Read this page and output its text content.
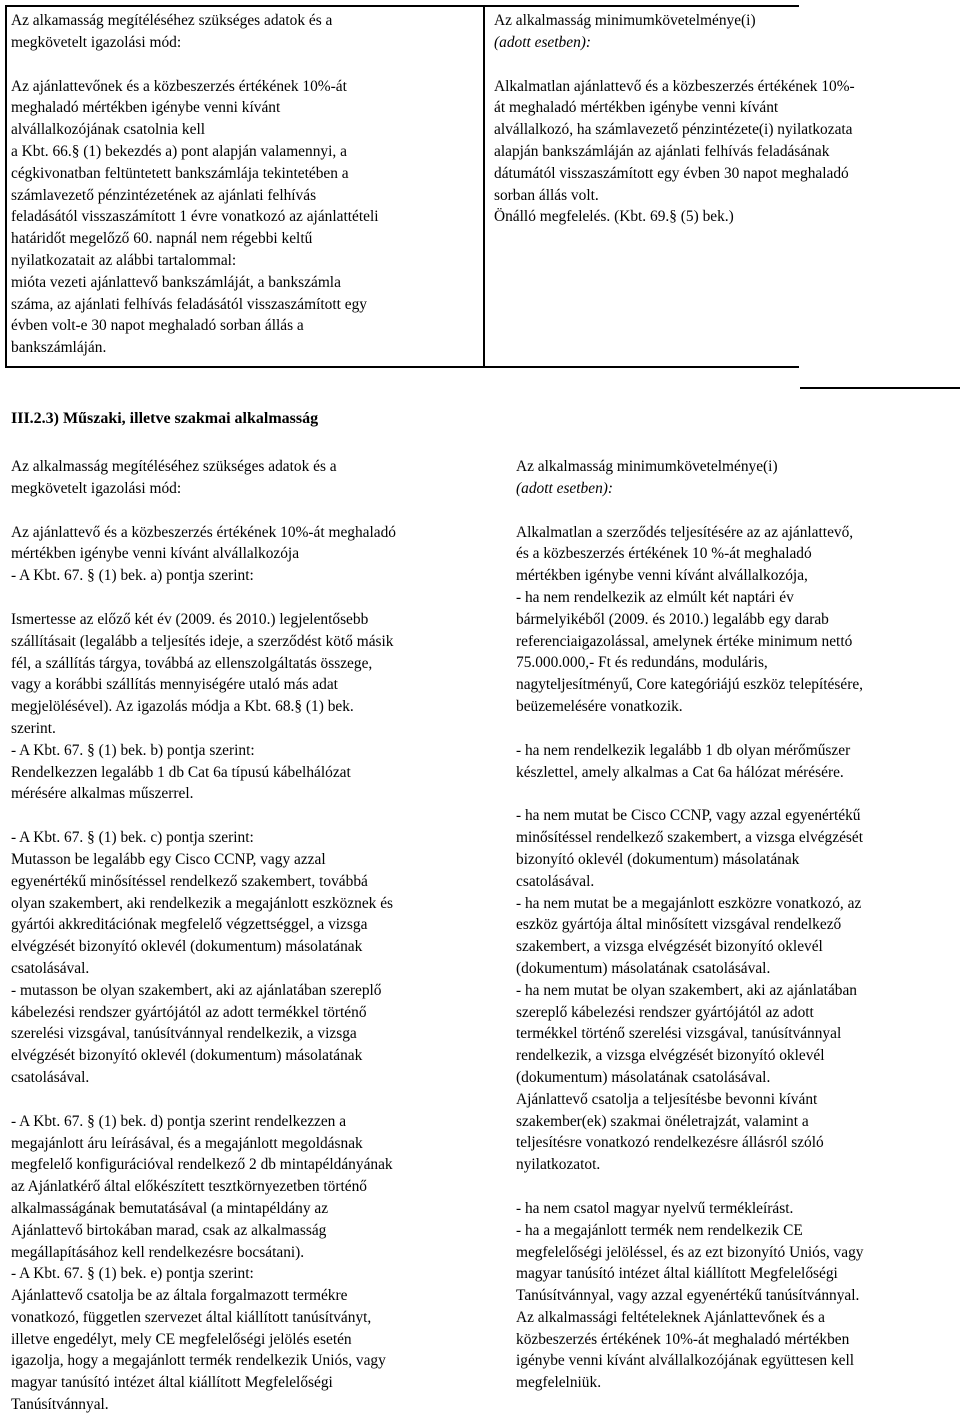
Az alkamasság megítéléséhez szükséges adatok és a

megkövetelt igazolási mód:

Az ajánlattevőnek és a közbeszerzés értékének 10%-át

meghaladó mértékben igénybe venni kívánt

alvállalkozójának csatolnia kell

a Kbt. 66.§ (1) bekezdés a) pont alapján valamennyi, a

cégkivonatban feltüntetett bankszámlája tekintetében a

számlavezető pénzintézetének az ajánlati felhívás

feladásától visszaszámított 1 évre vonatkozó az ajánlattételi

határidőt megelőző 60. napnál nem régebbi keltű

nyilatkozatait az alábbi tartalommal:

mióta vezeti ajánlattevő bankszámláját, a bankszámla

száma, az ajánlati felhívás feladásától visszaszámított egy

évben volt-e 30 napot meghaladó sorban állás a

bankszámláján.

Az alkalmasság minimumkövetelménye(i)

(adott esetben):

Alkalmatlan ajánlattevő és a közbeszerzés értékének 10%-

át meghaladó mértékben igénybe venni kívánt

alvállalkozó, ha számlavezető pénzintézete(i) nyilatkozata

alapján bankszámláján az ajánlati felhívás feladásának

dátumától visszaszámított egy évben 30 napot meghaladó

sorban állás volt.

Önálló megfelelés. (Kbt. 69.§ (5) bek.)

III.2.3) Műszaki, illetve szakmai alkalmasság

Az alkalmasság megítéléséhez szükséges adatok és a

megkövetelt igazolási mód:

Az ajánlattevő és a közbeszerzés értékének 10%-át meghaladó

mértékben igénybe venni kívánt alvállalkozója

- A Kbt. 67. § (1) bek. a) pontja szerint:

Ismertesse az előző két év (2009. és 2010.) legjelentősebb

szállításait (legalább a teljesítés ideje, a szerződést kötő másik

fél, a szállítás tárgya, továbbá az ellenszolgáltatás összege,

vagy a korábbi szállítás mennyiségére utaló más adat

megjelölésével). Az igazolás módja a Kbt. 68.§ (1) bek.

szerint.

- A Kbt. 67. § (1) bek. b) pontja szerint:

Rendelkezzen legalább 1 db Cat 6a típusú kábelhálózat

mérésére alkalmas műszerrel.

- A Kbt. 67. § (1) bek. c) pontja szerint:

Mutasson be legalább egy Cisco CCNP, vagy azzal

egyenértékű minősítéssel rendelkező szakembert, továbbá

olyan szakembert, aki rendelkezik a megajánlott eszköznek és

gyártói akkreditációnak megfelelő végzettséggel, a vizsga

elvégzését bizonyító oklevél (dokumentum) másolatának

csatolásával.

- mutasson be olyan szakembert, aki az ajánlatában szereplő

kábelezési rendszer gyártójától az adott termékkel történő

szerelési vizsgával, tanúsítvánnyal rendelkezik, a vizsga

elvégzését bizonyító oklevél (dokumentum) másolatának

csatolásával.

- A Kbt. 67. § (1) bek. d) pontja szerint rendelkezzen a

megajánlott áru leírásával, és a megajánlott megoldásnak

megfelelő konfigurációval rendelkező 2 db mintapéldányának

az Ajánlatkérő által előkészített tesztkörnyezetben történő

alkalmasságának bemutatásával (a mintapéldány az

Ajánlattevő birtokában marad, csak az alkalmasság

megállapításához kell rendelkezésre bocsátani).

- A Kbt. 67. § (1) bek. e) pontja szerint:

Ajánlattevő csatolja be az általa forgalmazott termékre

vonatkozó, független szervezet által kiállított tanúsítványt,

illetve engedélyt, mely CE megfelelőségi jelölés esetén

igazolja, hogy a megajánlott termék rendelkezik Uniós, vagy

magyar tanúsító intézet által kiállított Megfelelőségi

Tanúsítvánnyal.

Az alkalmasság minimumkövetelménye(i)

(adott esetben):

Alkalmatlan a szerződés teljesítésére az az ajánlattevő,

és a közbeszerzés értékének 10 %-át meghaladó

mértékben igénybe venni kívánt alvállalkozója,

- ha nem rendelkezik az elmúlt két naptári év

bármelyikéből (2009. és 2010.) legalább egy darab

referenciaigazolással, amelynek értéke minimum nettó

75.000.000,- Ft és redundáns, moduláris,

nagyteljesítményű, Core kategóriájú eszköz telepítésére,

beüzemelésére vonatkozik.

- ha nem rendelkezik legalább 1 db olyan mérőműszer

készlettel, amely alkalmas a Cat 6a hálózat mérésére.

- ha nem mutat be Cisco CCNP, vagy azzal egyenértékű

minősítéssel rendelkező szakembert, a vizsga elvégzését

bizonyító oklevél (dokumentum) másolatának

csatolásával.

- ha nem mutat be a megajánlott eszközre vonatkozó, az

eszköz gyártója által minősített vizsgával rendelkező

szakembert, a vizsga elvégzését bizonyító oklevél

(dokumentum) másolatának csatolásával.

- ha nem mutat be olyan szakembert, aki az ajánlatában

szereplő kábelezési rendszer gyártójától az adott

termékkel történő szerelési vizsgával, tanúsítvánnyal

rendelkezik, a vizsga elvégzését bizonyító oklevél

(dokumentum) másolatának csatolásával.

Ajánlattevő csatolja a teljesítésbe bevonni kívánt

szakember(ek) szakmai önéletrajzát, valamint a

teljesítésre vonatkozó rendelkezésre állásról szóló

nyilatkozatot.

- ha nem csatol magyar nyelvű termékleírást.

- ha a megajánlott termék nem rendelkezik CE

megfelelőségi jelöléssel, és az ezt bizonyító Uniós, vagy

magyar tanúsító intézet által kiállított Megfelelőségi

Tanúsítvánnyal, vagy azzal egyenértékű tanúsítvánnyal.

Az alkalmassági feltételeknek Ajánlattevőnek és a

közbeszerzés értékének 10%-át meghaladó mértékben

igénybe venni kívánt alvállalkozójának együttesen kell

megfelelniük.
